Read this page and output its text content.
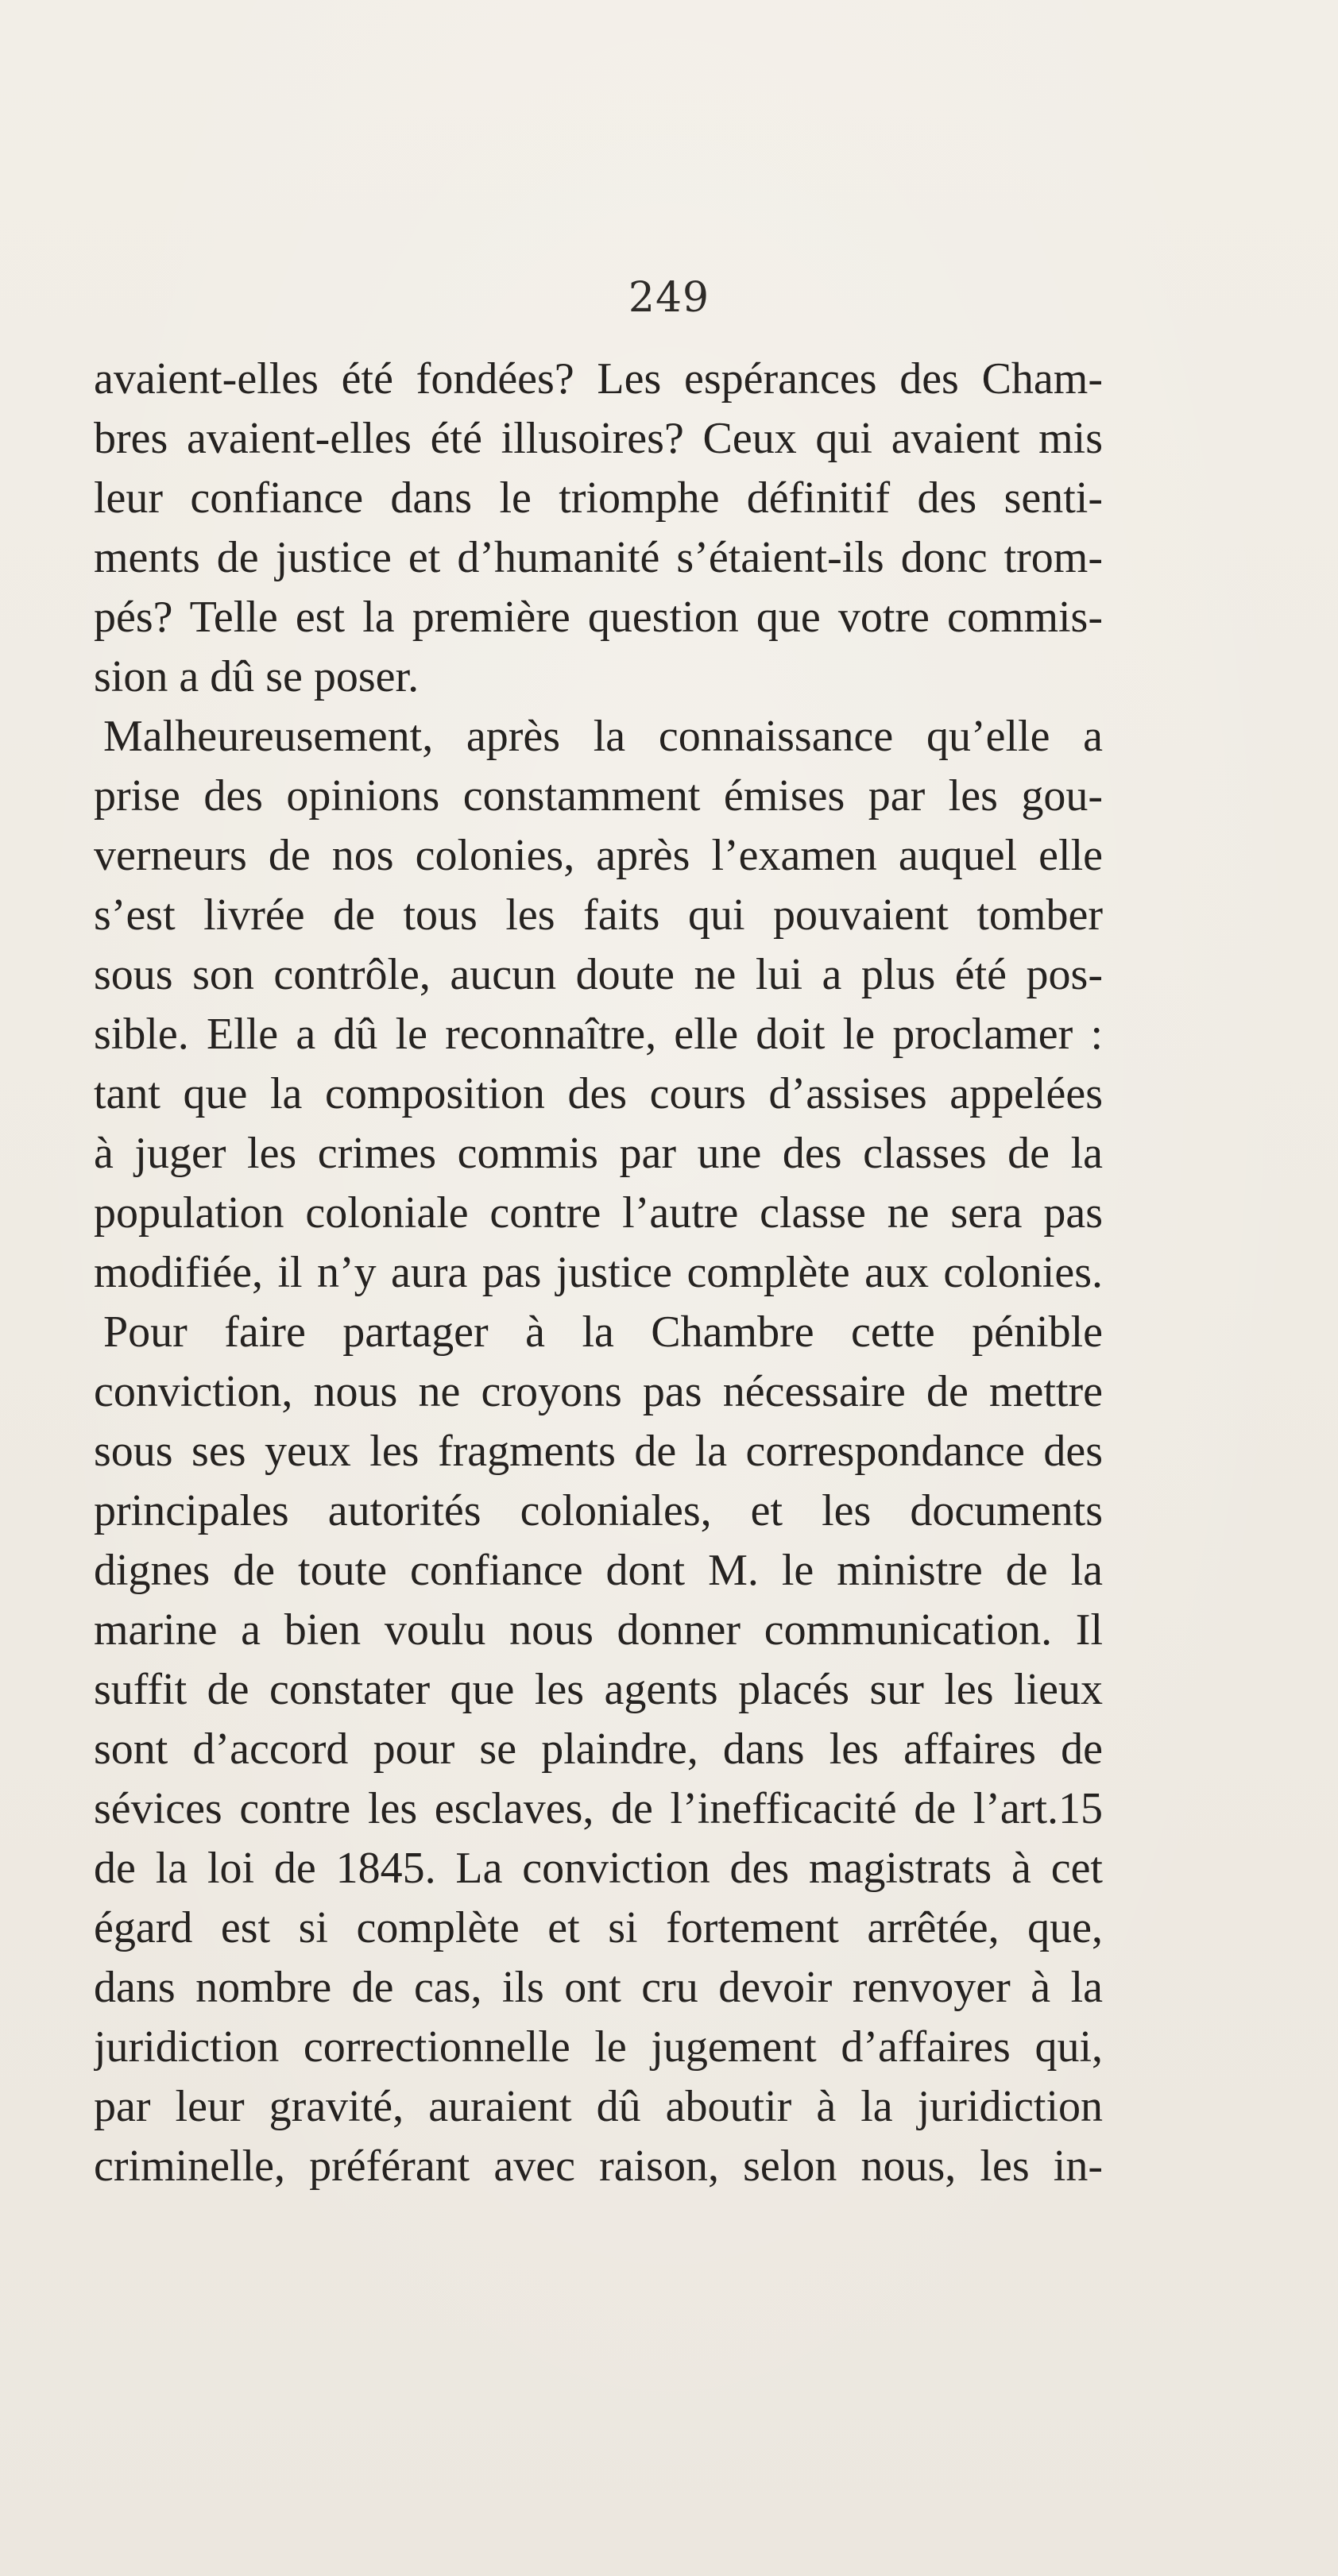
249
avaient-elles été fondées? Les espérances des Cham-
bres avaient-elles été illusoires? Ceux qui avaient mis
leur confiance dans le triomphe définitif des senti-
ments de justice et d’humanité s’étaient-ils donc trom-
pés? Telle est la première question que votre commis-
sion a dû se poser.
Malheureusement, après la connaissance qu’elle a
prise des opinions constamment émises par les gou-
verneurs de nos colonies, après l’examen auquel elle
s’est livrée de tous les faits qui pouvaient tomber
sous son contrôle, aucun doute ne lui a plus été pos-
sible. Elle a dû le reconnaître, elle doit le proclamer :
tant que la composition des cours d’assises appelées
à juger les crimes commis par une des classes de la
population coloniale contre l’autre classe ne sera pas
modifiée, il n’y aura pas justice complète aux colonies.
Pour faire partager à la Chambre cette pénible
conviction, nous ne croyons pas nécessaire de mettre
sous ses yeux les fragments de la correspondance des
principales autorités coloniales, et les documents
dignes de toute confiance dont M. le ministre de la
marine a bien voulu nous donner communication. Il
suffit de constater que les agents placés sur les lieux
sont d’accord pour se plaindre, dans les affaires de
sévices contre les esclaves, de l’inefficacité de l’art.15
de la loi de 1845. La conviction des magistrats à cet
égard est si complète et si fortement arrêtée, que,
dans nombre de cas, ils ont cru devoir renvoyer à la
juridiction correctionnelle le jugement d’affaires qui,
par leur gravité, auraient dû aboutir à la juridiction
criminelle, préférant avec raison, selon nous, les in-
